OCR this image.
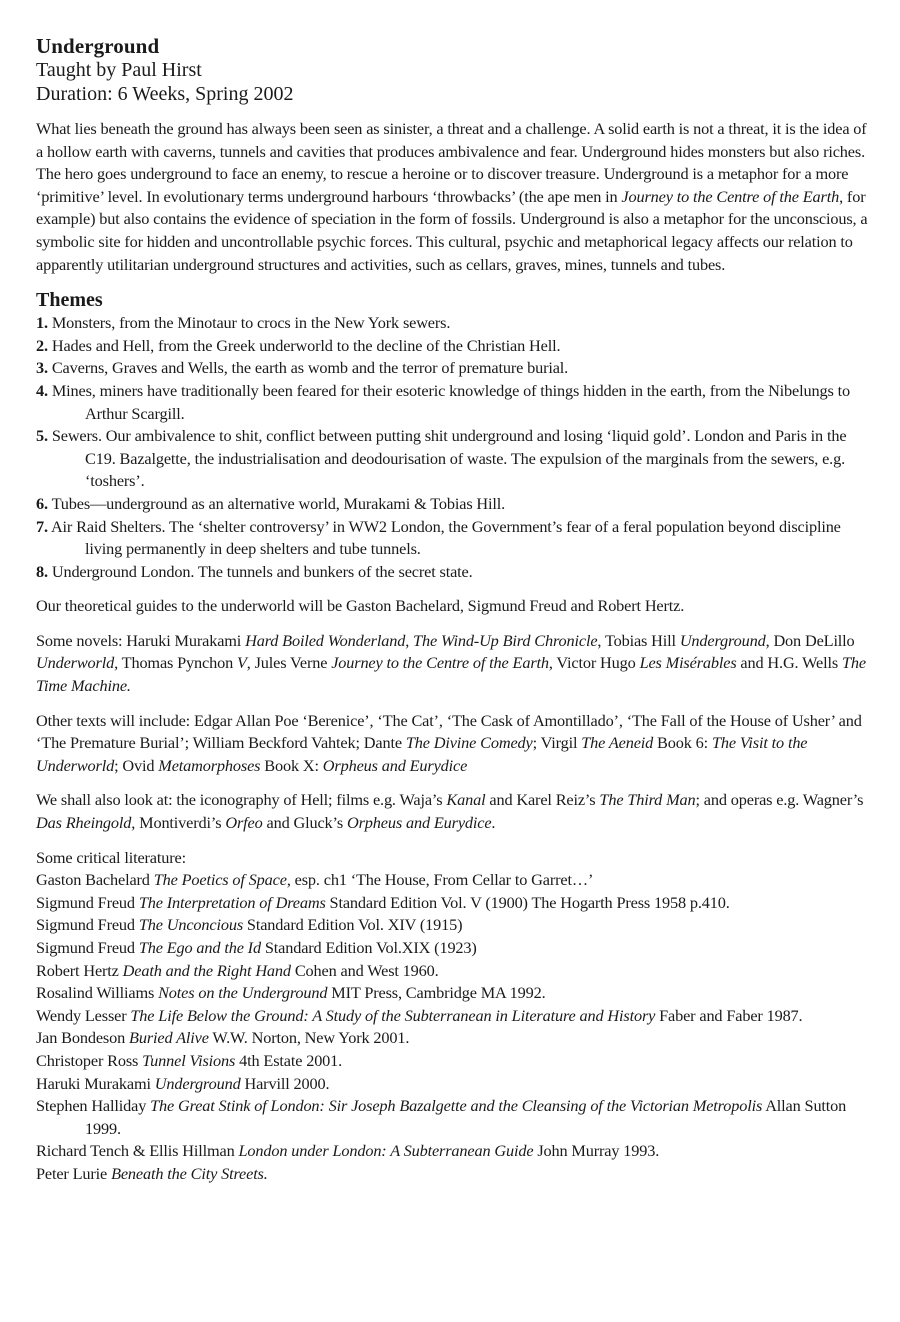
Underground
Taught by Paul Hirst
Duration: 6 Weeks, Spring 2002

What lies beneath the ground has always been seen as sinister, a threat and a challenge. A solid earth is not a threat, it is the idea of a hollow earth with caverns, tunnels and cavities that produces ambivalence and fear. Underground hides monsters but also riches. The hero goes underground to face an enemy, to rescue a heroine or to discover treasure. Underground is a metaphor for a more ‘primitive’ level. In evolutionary terms underground harbours ‘throwbacks’ (the ape men in Journey to the Centre of the Earth, for example) but also contains the evidence of speciation in the form of fossils. Underground is also a metaphor for the unconscious, a symbolic site for hidden and uncontrollable psychic forces. This cultural, psychic and metaphorical legacy affects our relation to apparently utilitarian underground structures and activities, such as cellars, graves, mines, tunnels and tubes.

Themes
1. Monsters, from the Minotaur to crocs in the New York sewers.
2. Hades and Hell, from the Greek underworld to the decline of the Christian Hell.
3. Caverns, Graves and Wells, the earth as womb and the terror of premature burial.
4. Mines, miners have traditionally been feared for their esoteric knowledge of things hidden in the earth, from the Nibelungs to Arthur Scargill.
5. Sewers. Our ambivalence to shit, conflict between putting shit underground and losing ‘liquid gold’. London and Paris in the C19. Bazalgette, the industrialisation and deodourisation of waste. The expulsion of the marginals from the sewers, e.g. ‘toshers’.
6. Tubes—underground as an alternative world, Murakami & Tobias Hill.
7. Air Raid Shelters. The ‘shelter controversy’ in WW2 London, the Government’s fear of a feral population beyond discipline living permanently in deep shelters and tube tunnels.
8. Underground London. The tunnels and bunkers of the secret state.

Our theoretical guides to the underworld will be Gaston Bachelard, Sigmund Freud and Robert Hertz.

Some novels: Haruki Murakami Hard Boiled Wonderland, The Wind-Up Bird Chronicle, Tobias Hill Underground, Don DeLillo Underworld, Thomas Pynchon V, Jules Verne Journey to the Centre of the Earth, Victor Hugo Les Misérables and H.G. Wells The Time Machine.

Other texts will include: Edgar Allan Poe ‘Berenice’, ‘The Cat’, ‘The Cask of Amontillado’, ‘The Fall of the House of Usher’ and ‘The Premature Burial’; William Beckford Vahtek; Dante The Divine Comedy; Virgil The Aeneid Book 6: The Visit to the Underworld; Ovid Metamorphoses Book X: Orpheus and Eurydice

We shall also look at: the iconography of Hell; films e.g. Waja’s Kanal and Karel Reiz’s The Third Man; and operas e.g. Wagner’s Das Rheingold, Montiverdi’s Orfeo and Gluck’s Orpheus and Eurydice.

Some critical literature:
Gaston Bachelard The Poetics of Space, esp. ch1 ‘The House, From Cellar to Garret…’
Sigmund Freud The Interpretation of Dreams Standard Edition Vol. V (1900) The Hogarth Press 1958 p.410.
Sigmund Freud The Unconcious Standard Edition Vol. XIV (1915)
Sigmund Freud The Ego and the Id Standard Edition Vol.XIX (1923)
Robert Hertz Death and the Right Hand Cohen and West 1960.
Rosalind Williams Notes on the Underground MIT Press, Cambridge MA 1992.
Wendy Lesser The Life Below the Ground: A Study of the Subterranean in Literature and History Faber and Faber 1987.
Jan Bondeson Buried Alive W.W. Norton, New York 2001.
Christoper Ross Tunnel Visions 4th Estate 2001.
Haruki Murakami Underground Harvill 2000.
Stephen Halliday The Great Stink of London: Sir Joseph Bazalgette and the Cleansing of the Victorian Metropolis Allan Sutton 1999.
Richard Tench & Ellis Hillman London under London: A Subterranean Guide John Murray 1993.
Peter Lurie Beneath the City Streets.
